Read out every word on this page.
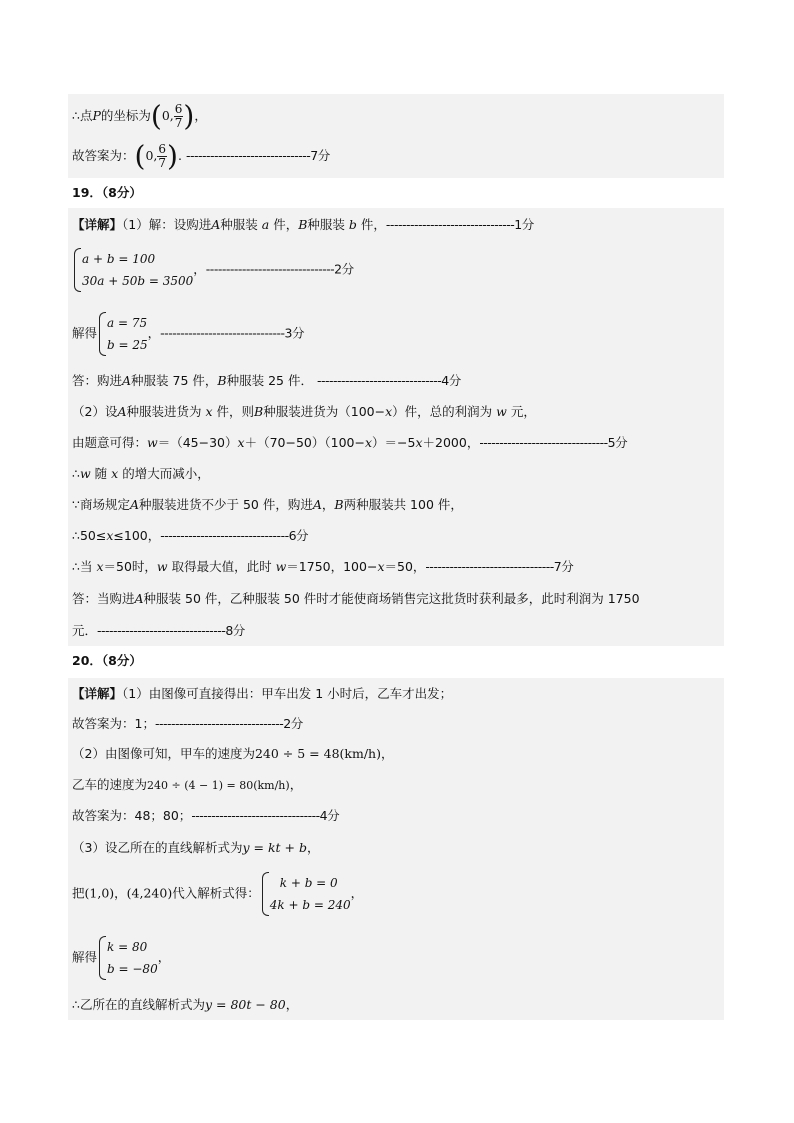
∴点P的坐标为(0, $\frac{6}{7}$ )，
故答案为：(0, $\frac{6}{7}$ ). -------------------------------7分
19．（8分）
【详解】（1）解：设购进A种服装 a 件，B种服装 b 件，--------------------------------1分
a + b = 100
30a + 50b = 3500
，--------------------------------2分
解得
a = 75
b = 25
，-------------------------------3分
答：购进A种服装 75 件，B种服装 25 件． -------------------------------4分
（2）设A种服装进货为 x 件，则B种服装进货为（100−x）件，总的利润为 w 元，
由题意可得：w＝（45−30）x＋（70−50）（100−x）＝−5x＋2000，--------------------------------5分
∴w 随 x 的增大而减小，
∵商场规定A种服装进货不少于 50 件，购进A，B两种服装共 100 件，
∴50≤x≤100，--------------------------------6分
∴当 x＝50时，w 取得最大值，此时 w＝1750，100−x＝50，--------------------------------7分
答：当购进A种服装 50 件，乙种服装 50 件时才能使商场销售完这批货时获利最多，此时利润为 1750
元．--------------------------------8分
20．（8分）
【详解】（1）由图像可直接得出：甲车出发 1 小时后，乙车才出发；
故答案为：1；--------------------------------2分
（2）由图像可知，甲车的速度为240 ÷ 5 = 48(km/h)，
乙车的速度为240 ÷ (4 − 1) = 80(km/h)，
故答案为：48；80；--------------------------------4分
（3）设乙所在的直线解析式为y = kt + b，
把(1,0)，(4,240)代入解析式得：
k + b = 0
4k + b = 240
，
解得
k = 80
b = −80
，
∴乙所在的直线解析式为y = 80t − 80，
